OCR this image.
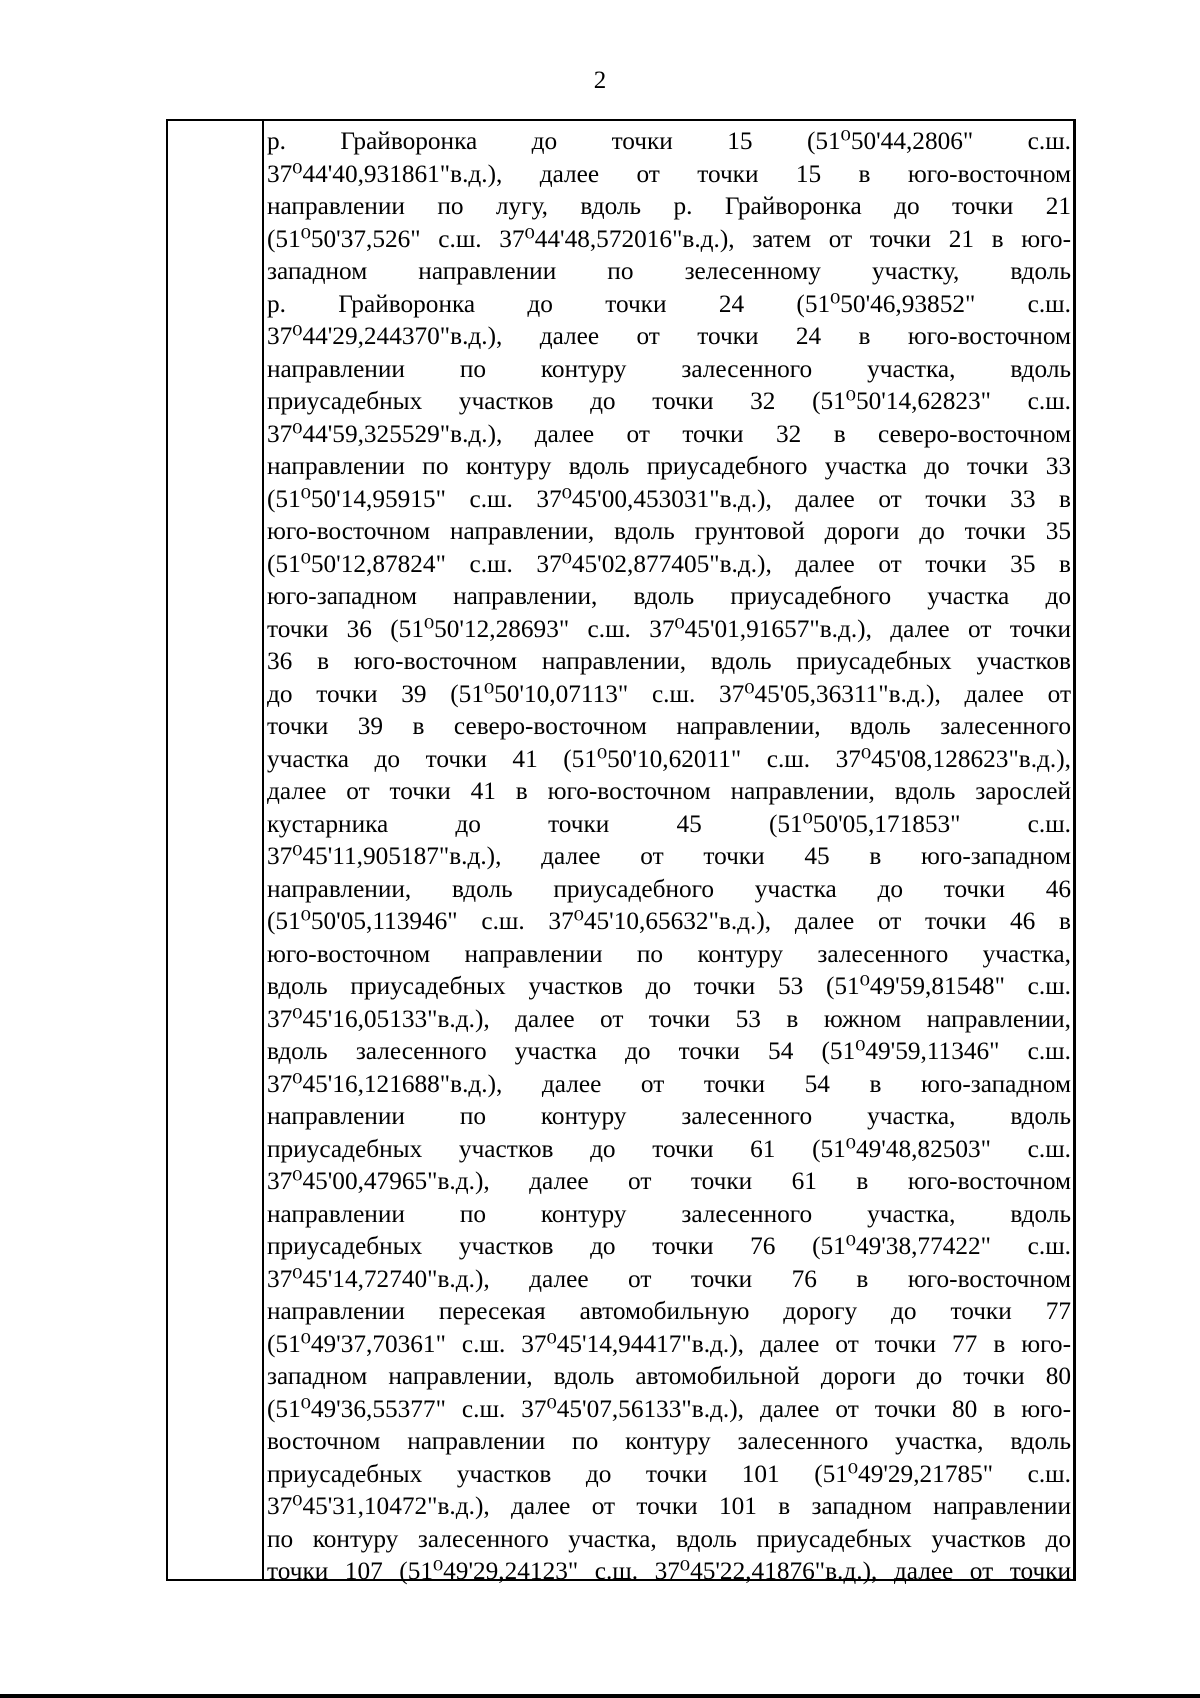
2
р. Грайворонка до точки 15 (51⁰50'44,2806" с.ш.
37⁰44'40,931861"в.д.), далее от точки 15 в юго-восточном
направлении по лугу, вдоль р. Грайворонка до точки 21
(51⁰50'37,526" с.ш. 37⁰44'48,572016"в.д.), затем от точки 21 в юго-
западном направлении по зелесенному участку, вдоль
р. Грайворонка до точки 24 (51⁰50'46,93852" с.ш.
37⁰44'29,244370"в.д.), далее от точки 24 в юго-восточном
направлении по контуру залесенного участка, вдоль
приусадебных участков до точки 32 (51⁰50'14,62823" с.ш.
37⁰44'59,325529"в.д.), далее от точки 32 в северо-восточном
направлении по контуру вдоль приусадебного участка до точки 33
(51⁰50'14,95915" с.ш. 37⁰45'00,453031"в.д.), далее от точки 33 в
юго-восточном направлении, вдоль грунтовой дороги до точки 35
(51⁰50'12,87824" с.ш. 37⁰45'02,877405"в.д.), далее от точки 35 в
юго-западном направлении, вдоль приусадебного участка до
точки 36 (51⁰50'12,28693" с.ш. 37⁰45'01,91657"в.д.), далее от точки
36 в юго-восточном направлении, вдоль приусадебных участков
до точки 39 (51⁰50'10,07113" с.ш. 37⁰45'05,36311"в.д.), далее от
точки 39 в северо-восточном направлении, вдоль залесенного
участка до точки 41 (51⁰50'10,62011" с.ш. 37⁰45'08,128623"в.д.),
далее от точки 41 в юго-восточном направлении, вдоль зарослей
кустарника до точки 45 (51⁰50'05,171853" с.ш.
37⁰45'11,905187"в.д.), далее от точки 45 в юго-западном
направлении, вдоль приусадебного участка до точки 46
(51⁰50'05,113946" с.ш. 37⁰45'10,65632"в.д.), далее от точки 46 в
юго-восточном направлении по контуру залесенного участка,
вдоль приусадебных участков до точки 53 (51⁰49'59,81548" с.ш.
37⁰45'16,05133"в.д.), далее от точки 53 в южном направлении,
вдоль залесенного участка до точки 54 (51⁰49'59,11346" с.ш.
37⁰45'16,121688"в.д.), далее от точки 54 в юго-западном
направлении по контуру залесенного участка, вдоль
приусадебных участков до точки 61 (51⁰49'48,82503" с.ш.
37⁰45'00,47965"в.д.), далее от точки 61 в юго-восточном
направлении по контуру залесенного участка, вдоль
приусадебных участков до точки 76 (51⁰49'38,77422" с.ш.
37⁰45'14,72740"в.д.), далее от точки 76 в юго-восточном
направлении пересекая автомобильную дорогу до точки 77
(51⁰49'37,70361" с.ш. 37⁰45'14,94417"в.д.), далее от точки 77 в юго-
западном направлении, вдоль автомобильной дороги до точки 80
(51⁰49'36,55377" с.ш. 37⁰45'07,56133"в.д.), далее от точки 80 в юго-
восточном направлении по контуру залесенного участка, вдоль
приусадебных участков до точки 101 (51⁰49'29,21785" с.ш.
37⁰45'31,10472"в.д.), далее от точки 101 в западном направлении
по контуру залесенного участка, вдоль приусадебных участков до
точки 107 (51⁰49'29,24123" с.ш. 37⁰45'22,41876"в.д.), далее от точки
